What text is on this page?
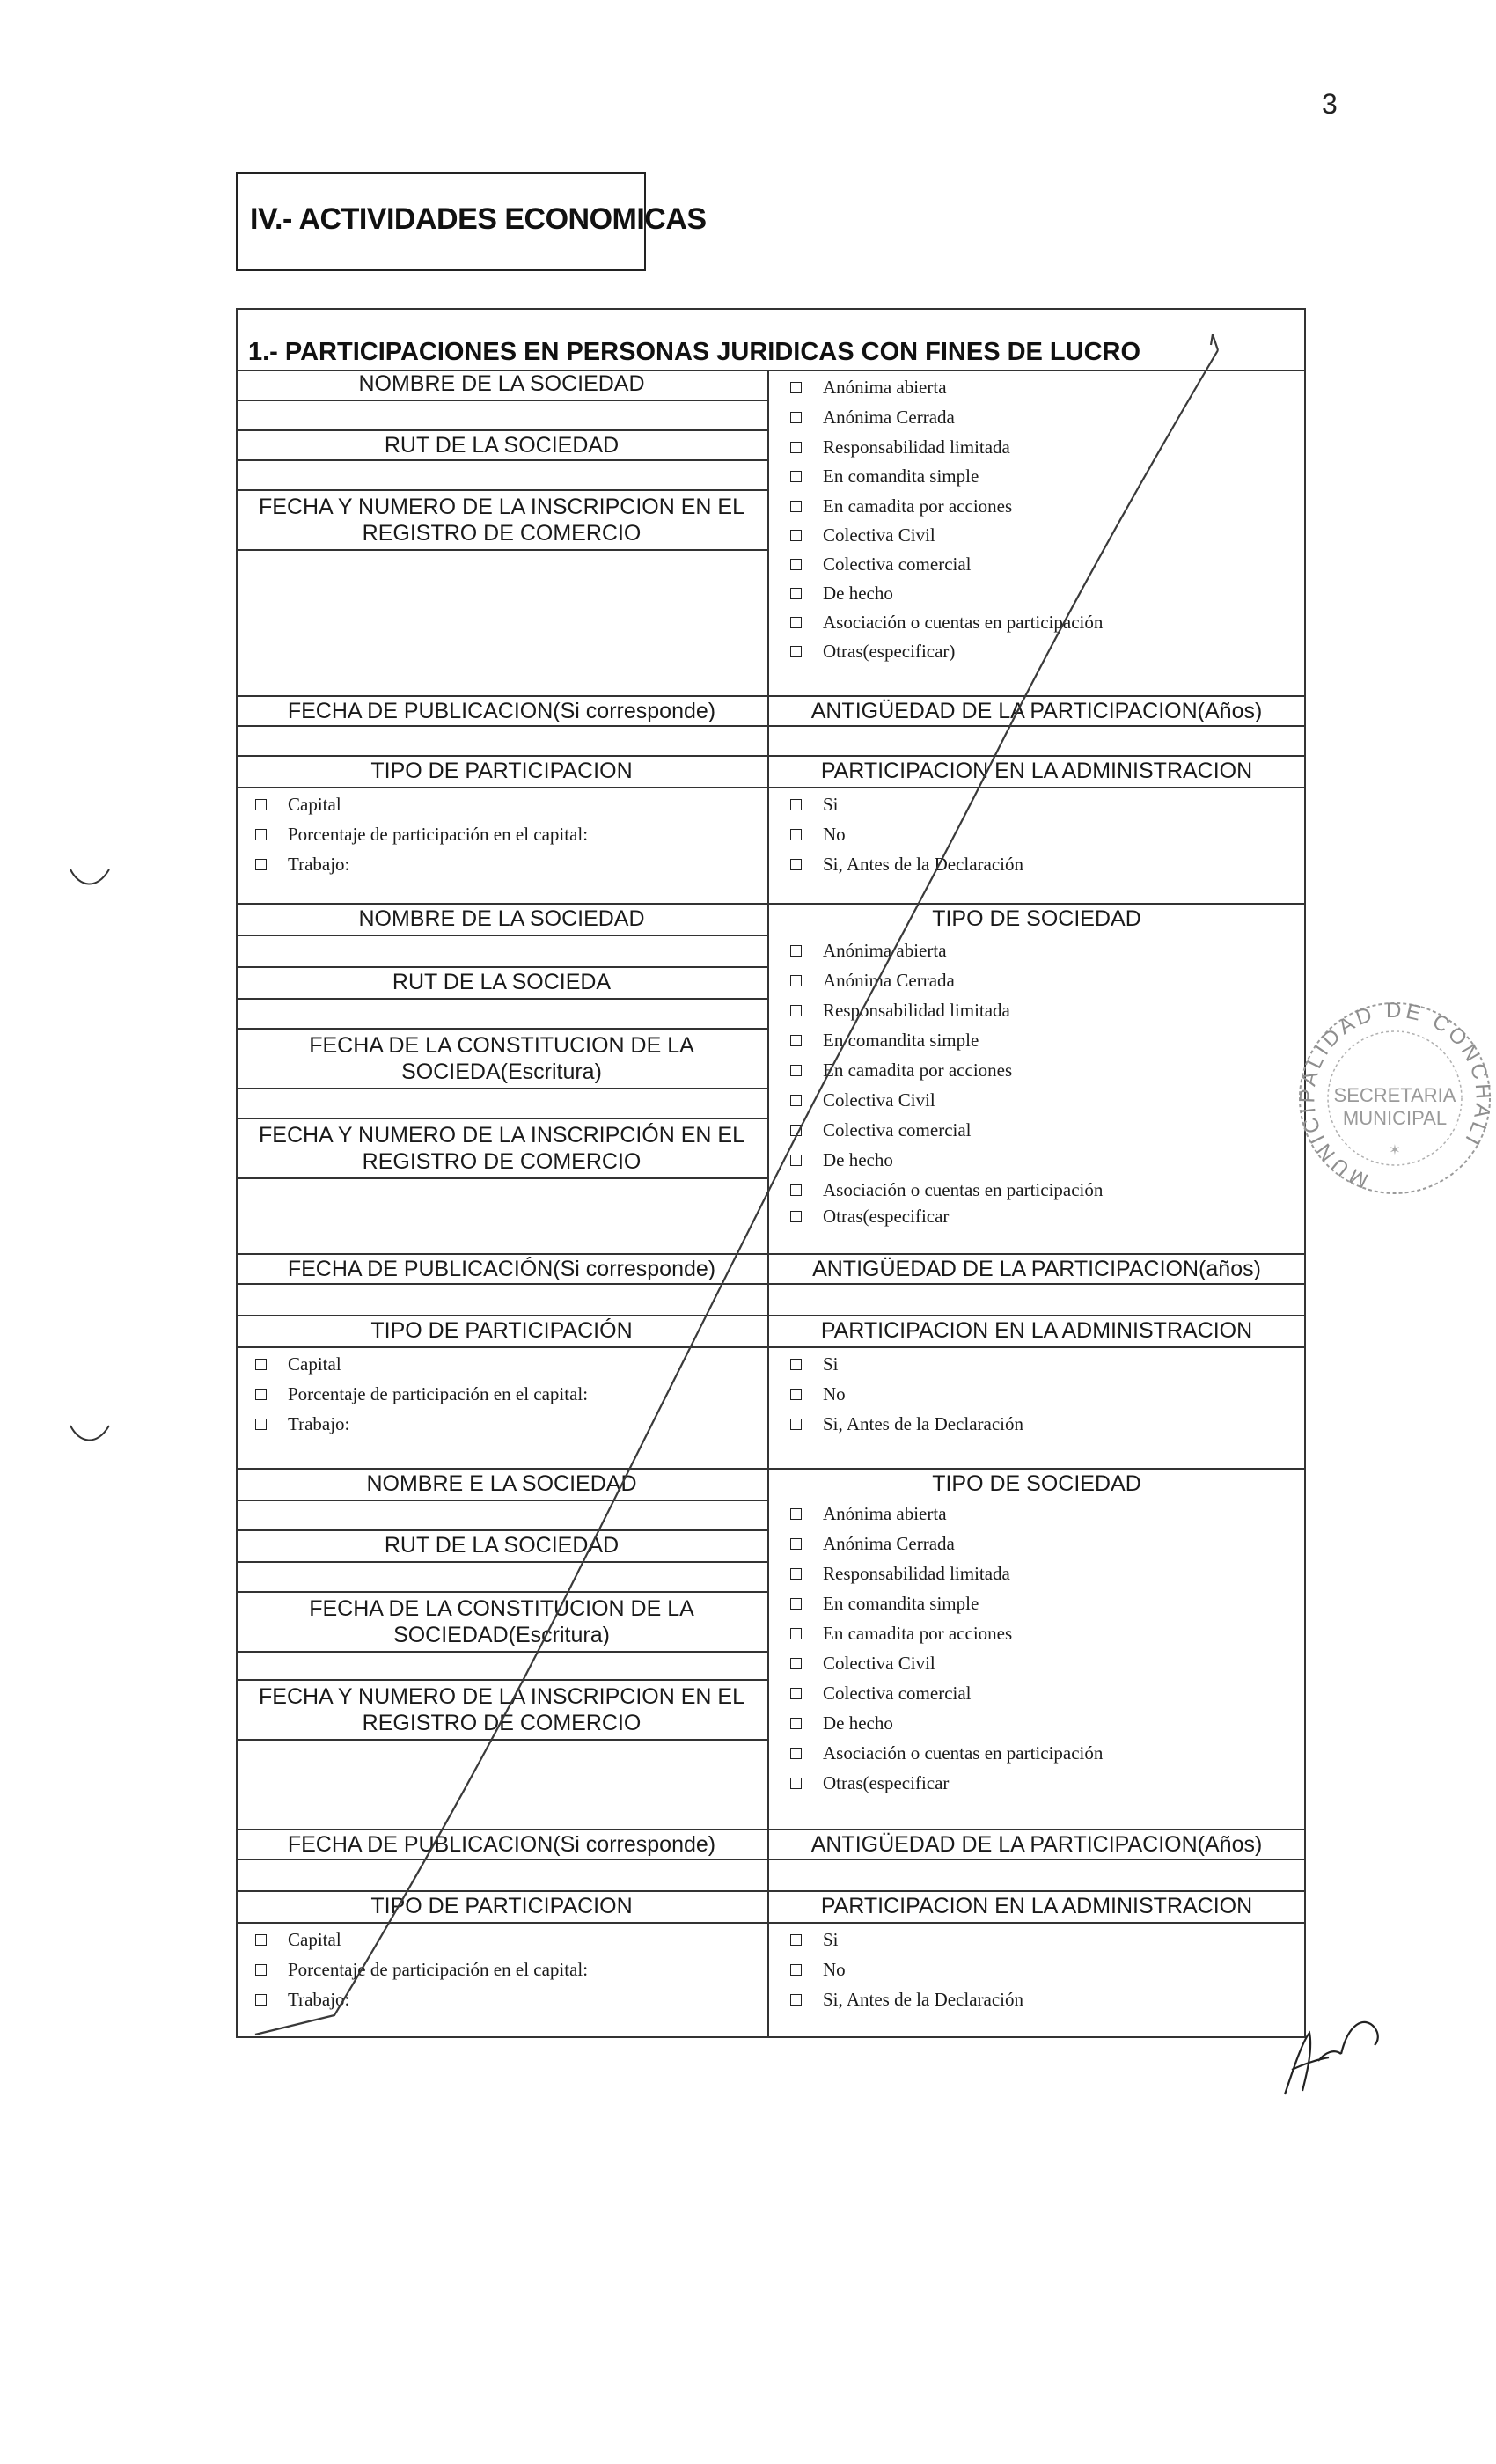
3
IV.- ACTIVIDADES ECONOMICAS
1.- PARTICIPACIONES EN PERSONAS JURIDICAS CON FINES DE LUCRO
NOMBRE DE LA SOCIEDAD
RUT DE LA SOCIEDAD
FECHA Y NUMERO DE LA INSCRIPCION EN EL
REGISTRO DE COMERCIO
Anónima abierta
Anónima Cerrada
Responsabilidad limitada
En comandita simple
En camadita por acciones
Colectiva Civil
Colectiva comercial
De hecho
Asociación o cuentas en participación
Otras(especificar)
FECHA DE PUBLICACION(Si corresponde)	ANTIGÜEDAD DE LA PARTICIPACION(Años)
TIPO DE PARTICIPACION	PARTICIPACION EN LA ADMINISTRACION
Capital
Porcentaje de participación en el capital:
Trabajo:
Si
No
Si, Antes de la Declaración
NOMBRE DE LA SOCIEDAD	TIPO DE SOCIEDAD
RUT DE LA SOCIEDA
FECHA DE LA CONSTITUCION DE LA
SOCIEDA(Escritura)
FECHA Y NUMERO DE LA INSCRIPCIÓN EN EL
REGISTRO DE COMERCIO
Anónima abierta
Anónima Cerrada
Responsabilidad limitada
En comandita simple
En camadita por acciones
Colectiva Civil
Colectiva comercial
De hecho
Asociación o cuentas en participación
Otras(especificar
FECHA DE PUBLICACIÓN(Si corresponde)	ANTIGÜEDAD DE LA PARTICIPACION(años)
TIPO DE PARTICIPACIÓN	PARTICIPACION EN LA ADMINISTRACION
Capital
Porcentaje de participación en el capital:
Trabajo:
Si
No
Si, Antes de la Declaración
NOMBRE E LA SOCIEDAD	TIPO DE SOCIEDAD
RUT DE LA SOCIEDAD
FECHA DE LA CONSTITUCION DE LA
SOCIEDAD(Escritura)
FECHA Y NUMERO DE LA INSCRIPCION EN EL
REGISTRO DE COMERCIO
Anónima abierta
Anónima Cerrada
Responsabilidad limitada
En comandita simple
En camadita por acciones
Colectiva Civil
Colectiva comercial
De hecho
Asociación o cuentas en participación
Otras(especificar
FECHA DE PUBLICACION(Si corresponde)	ANTIGÜEDAD DE LA PARTICIPACION(Años)
TIPO DE PARTICIPACION	PARTICIPACION EN LA ADMINISTRACION
Capital
Porcentaje de participación en el capital:
Trabajo:
Si
No
Si, Antes de la Declaración
MUNICIPALIDAD DE CONCHALI
SECRETARIA
MUNICIPAL
✶
